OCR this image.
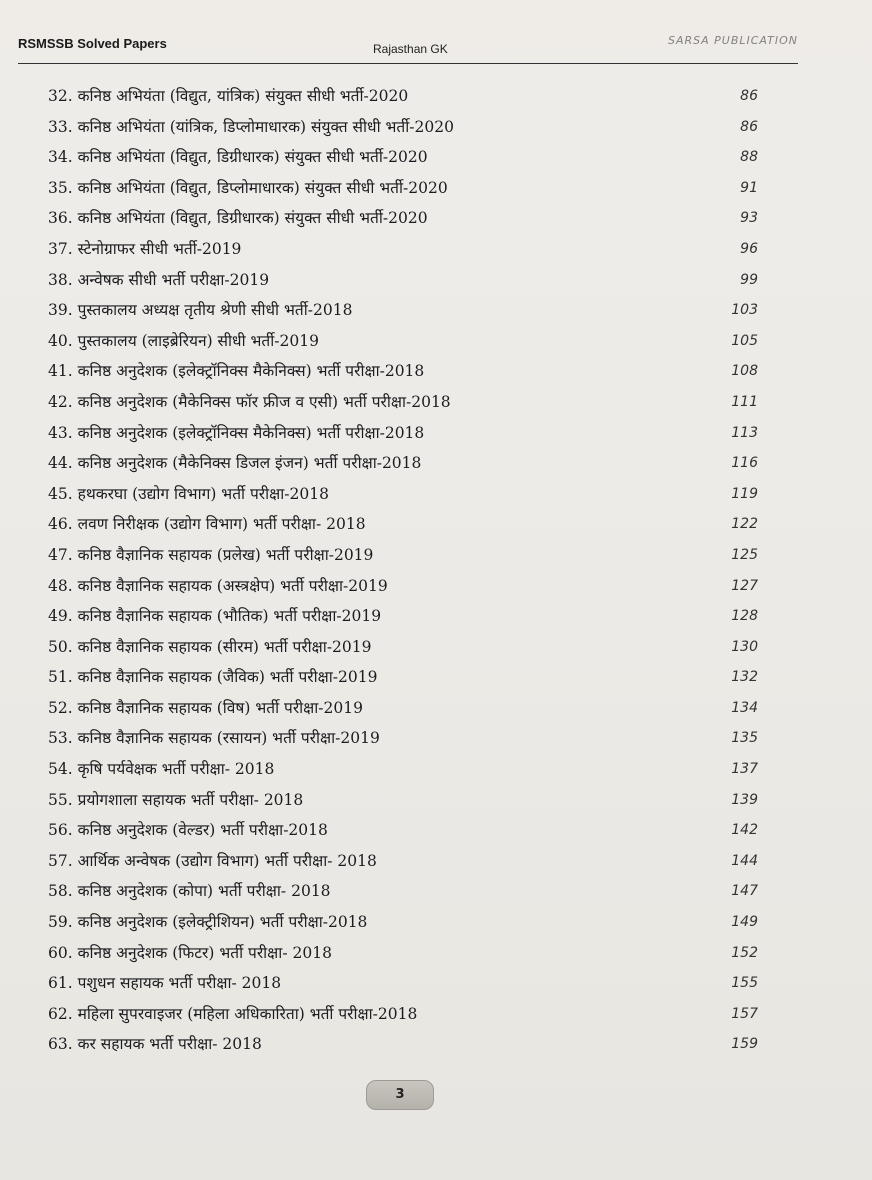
RSMSSB Solved Papers	Rajasthan GK
SARSA PUBLICATION
32. कनिष्ठ अभियंता (विद्युत, यांत्रिक) संयुक्त सीधी भर्ती-2020	86
33. कनिष्ठ अभियंता (यांत्रिक, डिप्लोमाधारक) संयुक्त सीधी भर्ती-2020	86
34. कनिष्ठ अभियंता (विद्युत, डिग्रीधारक) संयुक्त सीधी भर्ती-2020	88
35. कनिष्ठ अभियंता (विद्युत, डिप्लोमाधारक) संयुक्त सीधी भर्ती-2020	91
36. कनिष्ठ अभियंता (विद्युत, डिग्रीधारक) संयुक्त सीधी भर्ती-2020	93
37. स्टेनोग्राफर सीधी भर्ती-2019	96
38. अन्वेषक सीधी भर्ती परीक्षा-2019	99
39. पुस्तकालय अध्यक्ष तृतीय श्रेणी सीधी भर्ती-2018	103
40. पुस्तकालय (लाइब्रेरियन) सीधी भर्ती-2019	105
41. कनिष्ठ अनुदेशक (इलेक्ट्रॉनिक्स मैकेनिक्स) भर्ती परीक्षा-2018	108
42. कनिष्ठ अनुदेशक (मैकेनिक्स फॉर फ्रीज व एसी) भर्ती परीक्षा-2018	111
43. कनिष्ठ अनुदेशक (इलेक्ट्रॉनिक्स मैकेनिक्स) भर्ती परीक्षा-2018	113
44. कनिष्ठ अनुदेशक (मैकेनिक्स डिजल इंजन) भर्ती परीक्षा-2018	116
45. हथकरघा (उद्योग विभाग) भर्ती परीक्षा-2018	119
46. लवण निरीक्षक (उद्योग विभाग) भर्ती परीक्षा- 2018	122
47. कनिष्ठ वैज्ञानिक सहायक (प्रलेख) भर्ती परीक्षा-2019	125
48. कनिष्ठ वैज्ञानिक सहायक (अस्त्रक्षेप) भर्ती परीक्षा-2019	127
49. कनिष्ठ वैज्ञानिक सहायक (भौतिक) भर्ती परीक्षा-2019	128
50. कनिष्ठ वैज्ञानिक सहायक (सीरम) भर्ती परीक्षा-2019	130
51. कनिष्ठ वैज्ञानिक सहायक (जैविक) भर्ती परीक्षा-2019	132
52. कनिष्ठ वैज्ञानिक सहायक (विष) भर्ती परीक्षा-2019	134
53. कनिष्ठ वैज्ञानिक सहायक (रसायन) भर्ती परीक्षा-2019	135
54. कृषि पर्यवेक्षक भर्ती परीक्षा- 2018	137
55. प्रयोगशाला सहायक भर्ती परीक्षा- 2018	139
56. कनिष्ठ अनुदेशक (वेल्डर) भर्ती परीक्षा-2018	142
57. आर्थिक अन्वेषक (उद्योग विभाग) भर्ती परीक्षा- 2018	144
58. कनिष्ठ अनुदेशक (कोपा) भर्ती परीक्षा- 2018	147
59. कनिष्ठ अनुदेशक (इलेक्ट्रीशियन) भर्ती परीक्षा-2018	149
60. कनिष्ठ अनुदेशक (फिटर) भर्ती परीक्षा- 2018	152
61. पशुधन सहायक भर्ती परीक्षा- 2018	155
62. महिला सुपरवाइजर (महिला अधिकारिता) भर्ती परीक्षा-2018	157
63. कर सहायक भर्ती परीक्षा- 2018	159
3
